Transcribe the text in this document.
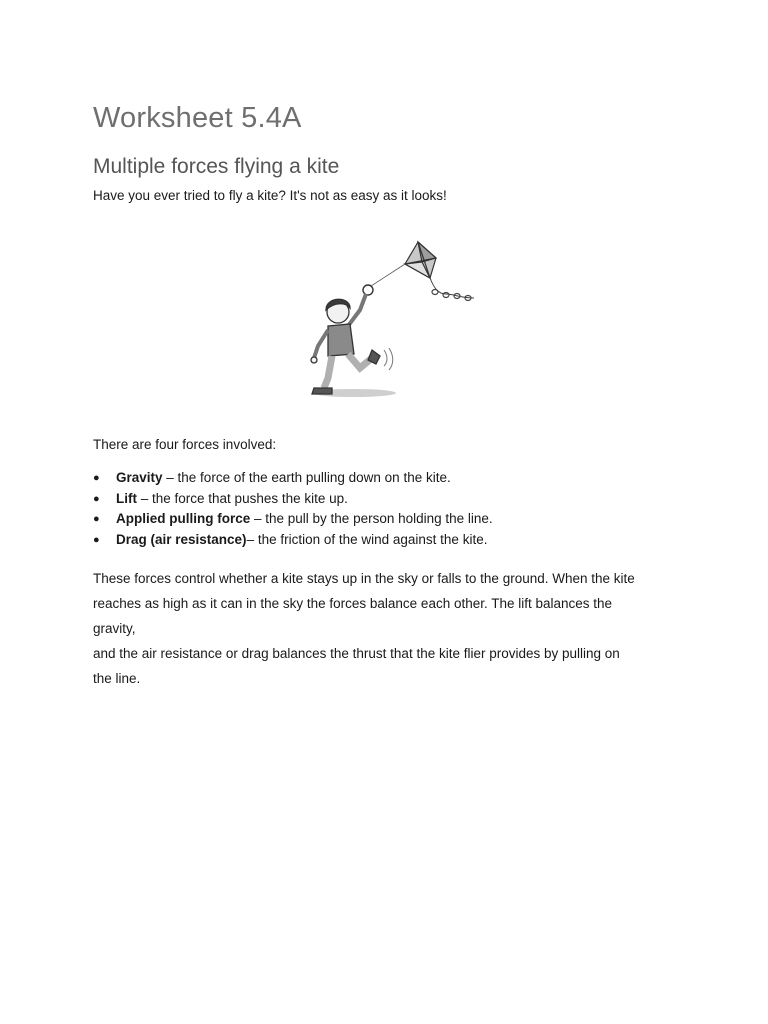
Worksheet 5.4A
Multiple forces flying a kite

Have you ever tried to fly a kite? It's not as easy as it looks!

There are four forces involved:

● Gravity – the force of the earth pulling down on the kite.
● Lift – the force that pushes the kite up.
● Applied pulling force – the pull by the person holding the line.
● Drag (air resistance)– the friction of the wind against the kite.

These forces control whether a kite stays up in the sky or falls to the ground. When the kite
reaches as high as it can in the sky the forces balance each other. The lift balances the
gravity,
and the air resistance or drag balances the thrust that the kite flier provides by pulling on
the line.
